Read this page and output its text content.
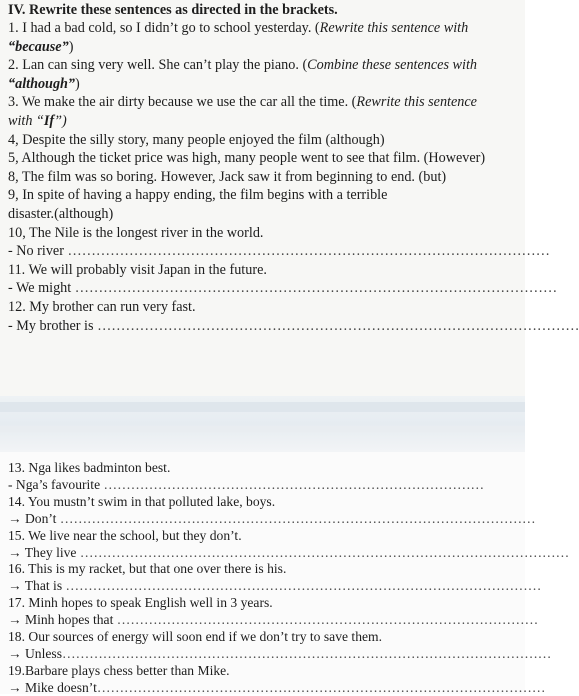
IV. Rewrite these sentences as directed in the brackets.
1. I had a bad cold, so I didn’t go to school yesterday. (Rewrite this sentence with
“because”)
2. Lan can sing very well. She can’t play the piano. (Combine these sentences with
“although”)
3. We make the air dirty because we use the car all the time. (Rewrite this sentence
with “If”)
4, Despite the silly story, many people enjoyed the film (although)
5, Although the ticket price was high, many people went to see that film. (However)
8, The film was so boring. However, Jack saw it from beginning to end. (but)
9, In spite of having a happy ending, the film begins with a terrible
disaster.(although)
10, The Nile is the longest river in the world.
- No river …………………………………………………………………………………………
11. We will probably visit Japan in the future.
- We might …………………………………………………………………………………………
12. My brother can run very fast.
- My brother is …………………………………………………………………………………………
13. Nga likes badminton best.
- Nga’s favourite …………………………………………………………………………
14. You mustn’t swim in that polluted lake, boys.
→ Don’t ……………………………………………………………………………………………
15. We live near the school, but they don’t.
→ They live ………………………………………………………………………………………………
16. This is my racket, but that one over there is his.
→ That is ……………………………………………………………………………………………
17. Minh hopes to speak English well in 3 years.
→ Minh hopes that …………………………………………………………………………………
18. Our sources of energy will soon end if we don’t try to save them.
→ Unless………………………………………………………………………………………………
19.Barbare plays chess better than Mike.
→ Mike doesn’t………………………………………………………………………………………
